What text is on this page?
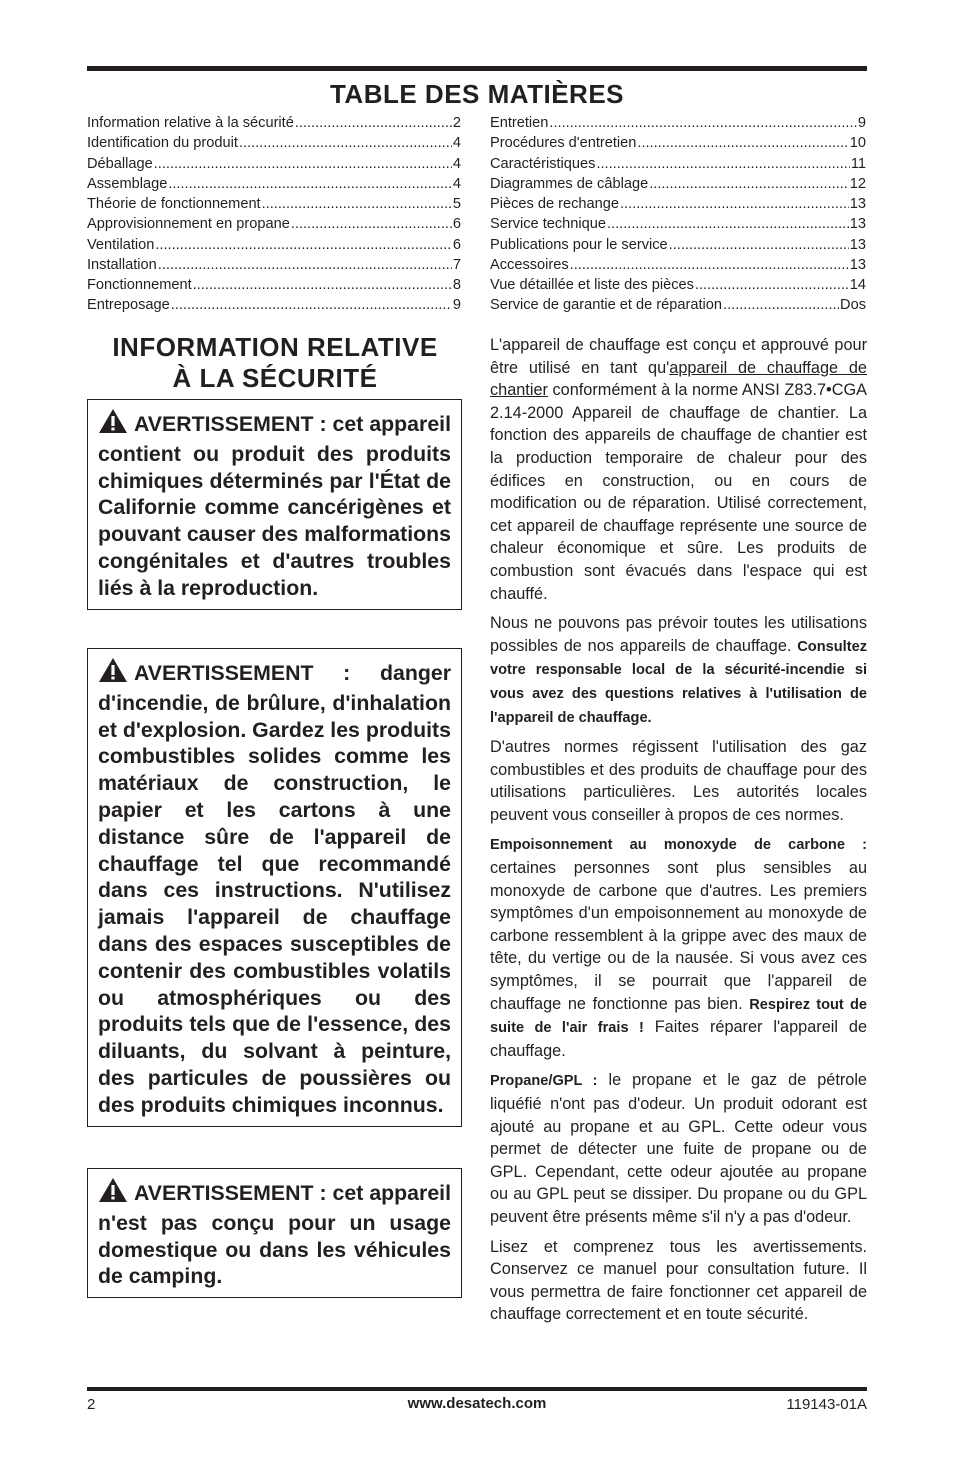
TABLE DES MATIÈRES
Information relative à la sécurité .....	2
Identification du produit .....	4
Déballage .....	4
Assemblage .....	4
Théorie de fonctionnement .....	5
Approvisionnement en propane .....	6
Ventilation .....	6
Installation .....	7
Fonctionnement .....	8
Entreposage .....	9
Entretien .....	9
Procédures d'entretien .....	10
Caractéristiques .....	11
Diagrammes de câblage .....	12
Pièces de rechange .....	13
Service technique .....	13
Publications pour le service .....	13
Accessoires .....	13
Vue détaillée et liste des pièces .....	14
Service de garantie et de réparation .....	Dos
INFORMATION RELATIVE
À LA SÉCURITÉ
AVERTISSEMENT : cet appareil contient ou produit des produits chimiques déterminés par l'État de Californie comme cancérigènes et pouvant causer des malformations congénitales et d'autres troubles liés à la reproduction.
AVERTISSEMENT : danger d'incendie, de brûlure, d'inhalation et d'explosion. Gardez les produits combustibles solides comme les matériaux de construction, le papier et les cartons à une distance sûre de l'appareil de chauffage tel que recommandé dans ces instructions. N'utilisez jamais l'appareil de chauffage dans des espaces susceptibles de contenir des combustibles volatils ou atmosphériques ou des produits tels que de l'essence, des diluants, du solvant à peinture, des particules de poussières ou des produits chimiques inconnus.
AVERTISSEMENT : cet appareil n'est pas conçu pour un usage domestique ou dans les véhicules de camping.

L'appareil de chauffage est conçu et approuvé pour être utilisé en tant qu'appareil de chauffage de chantier conformément à la norme ANSI Z83.7•CGA 2.14-2000 Appareil de chauffage de chantier. La fonction des appareils de chauffage de chantier est la production temporaire de chaleur pour des édifices en construction, ou en cours de modification ou de réparation. Utilisé correctement, cet appareil de chauffage représente une source de chaleur économique et sûre. Les produits de combustion sont évacués dans l'espace qui est chauffé.

Nous ne pouvons pas prévoir toutes les utilisations possibles de nos appareils de chauffage. Consultez votre responsable local de la sécurité-incendie si vous avez des questions relatives à l'utilisation de l'appareil de chauffage.

D'autres normes régissent l'utilisation des gaz combustibles et des produits de chauffage pour des utilisations particulières. Les autorités locales peuvent vous conseiller à propos de ces normes.

Empoisonnement au monoxyde de carbone : certaines personnes sont plus sensibles au monoxyde de carbone que d'autres. Les premiers symptômes d'un empoisonnement au monoxyde de carbone ressemblent à la grippe avec des maux de tête, du vertige ou de la nausée. Si vous avez ces symptômes, il se pourrait que l'appareil de chauffage ne fonctionne pas bien. Respirez tout de suite de l'air frais ! Faites réparer l'appareil de chauffage.

Propane/GPL : le propane et le gaz de pétrole liquéfié n'ont pas d'odeur. Un produit odorant est ajouté au propane et au GPL. Cette odeur vous permet de détecter une fuite de propane ou de GPL. Cependant, cette odeur ajoutée au propane ou au GPL peut se dissiper. Du propane ou du GPL peuvent être présents même s'il n'y a pas d'odeur.

Lisez et comprenez tous les avertissements. Conservez ce manuel pour consultation future. Il vous permettra de faire fonctionner cet appareil de chauffage correctement et en toute sécurité.

2	www.desatech.com	119143-01A
